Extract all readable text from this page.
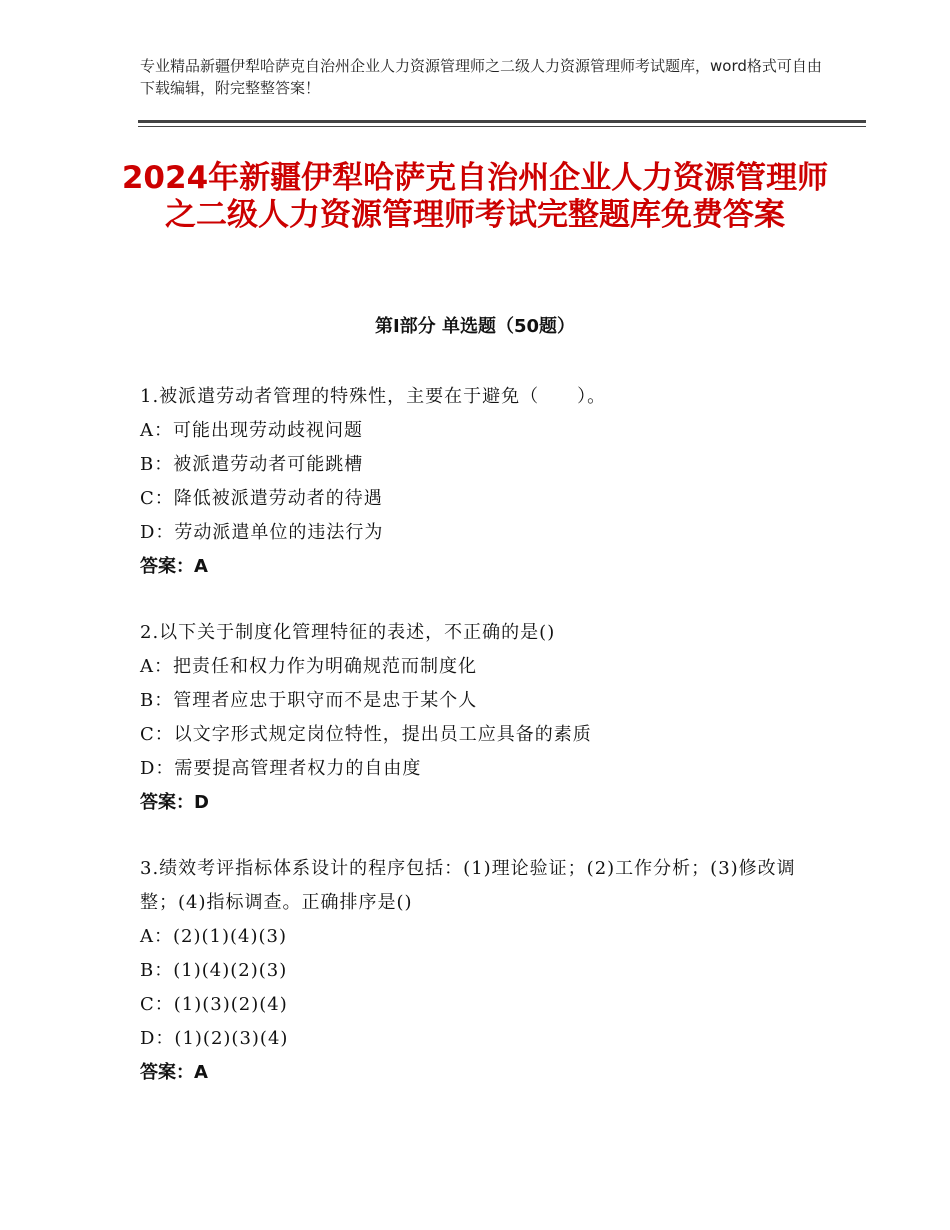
专业精品新疆伊犁哈萨克自治州企业人力资源管理师之二级人力资源管理师考试题库，word格式可自由下载编辑，附完整整答案！
2024年新疆伊犁哈萨克自治州企业人力资源管理师之二级人力资源管理师考试完整题库免费答案
第Ⅰ部分 单选题（50题）
1.被派遣劳动者管理的特殊性，主要在于避免（　　）。
A：可能出现劳动歧视问题
B：被派遣劳动者可能跳槽
C：降低被派遣劳动者的待遇
D：劳动派遣单位的违法行为
答案：A
2.以下关于制度化管理特征的表述，不正确的是()
A：把责任和权力作为明确规范而制度化
B：管理者应忠于职守而不是忠于某个人
C：以文字形式规定岗位特性，提出员工应具备的素质
D：需要提高管理者权力的自由度
答案：D
3.绩效考评指标体系设计的程序包括：(1)理论验证；(2)工作分析；(3)修改调整；(4)指标调查。正确排序是()
A：(2)(1)(4)(3)
B：(1)(4)(2)(3)
C：(1)(3)(2)(4)
D：(1)(2)(3)(4)
答案：A
